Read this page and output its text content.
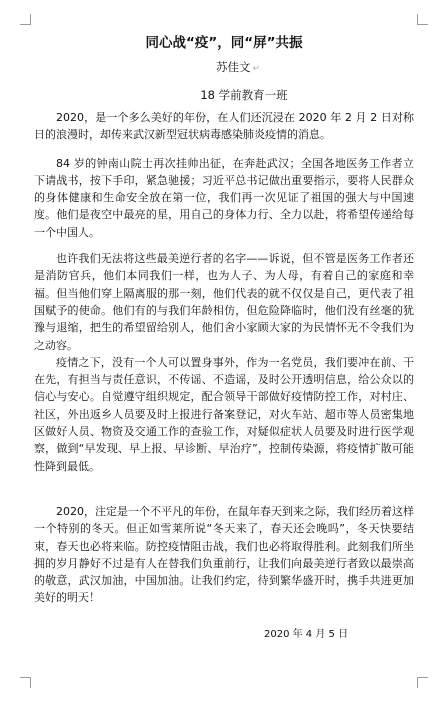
同心战“疫”，同“屏”共振
苏佳文 ↵
18 学前教育一班

2020，是一个多么美好的年份，在人们还沉浸在 2020 年 2 月 2 日对称日的浪漫时，却传来武汉新型冠状病毒感染肺炎疫情的消息。

84 岁的钟南山院士再次挂帅出征，在奔赴武汉；全国各地医务工作者立下请战书，按下手印，紧急驰援；习近平总书记做出重要指示，要将人民群众的身体健康和生命安全放在第一位，我们再一次见证了祖国的强大与中国速度。他们是夜空中最亮的星，用自己的身体力行、全力以赴，将希望传递给每一个中国人。

也许我们无法将这些最美逆行者的名字——诉说，但不管是医务工作者还是消防官兵，他们本同我们一样，也为人子、为人母，有着自己的家庭和幸福。但当他们穿上隔离服的那一刻，他们代表的就不仅仅是自己，更代表了祖国赋予的使命。他们有的与我们年龄相仿，但危险降临时，他们没有丝毫的犹豫与退缩，把生的希望留给别人，他们舍小家顾大家的为民情怀无不令我们为之动容。

疫情之下，没有一个人可以置身事外，作为一名党员，我们要冲在前、干在先，有担当与责任意识，不传谣、不造谣，及时公开透明信息，给公众以的信心与安心。自觉遵守组织规定，配合领导干部做好疫情防控工作，对村庄、社区，外出返乡人员要及时上报进行备案登记，对火车站、超市等人员密集地区做好人员、物资及交通工作的查验工作，对疑似症状人员要及时进行医学观察，做到“早发现、早上报、早诊断、早治疗”，控制传染源，将疫情扩散可能性降到最低。

2020，注定是一个不平凡的年份，在鼠年春天到来之际，我们经历着这样一个特别的冬天。但正如雪莱所说“冬天来了，春天还会晚吗”，冬天快要结束，春天也必将来临。防控疫情阻击战，我们也必将取得胜利。此刻我们所坐拥的岁月静好不过是有人在替我们负重前行，让我们向最美逆行者致以最崇高的敬意，武汉加油，中国加油。让我们约定，待到繁华盛开时，携手共进更加美好的明天！

2020 年 4 月 5 日
